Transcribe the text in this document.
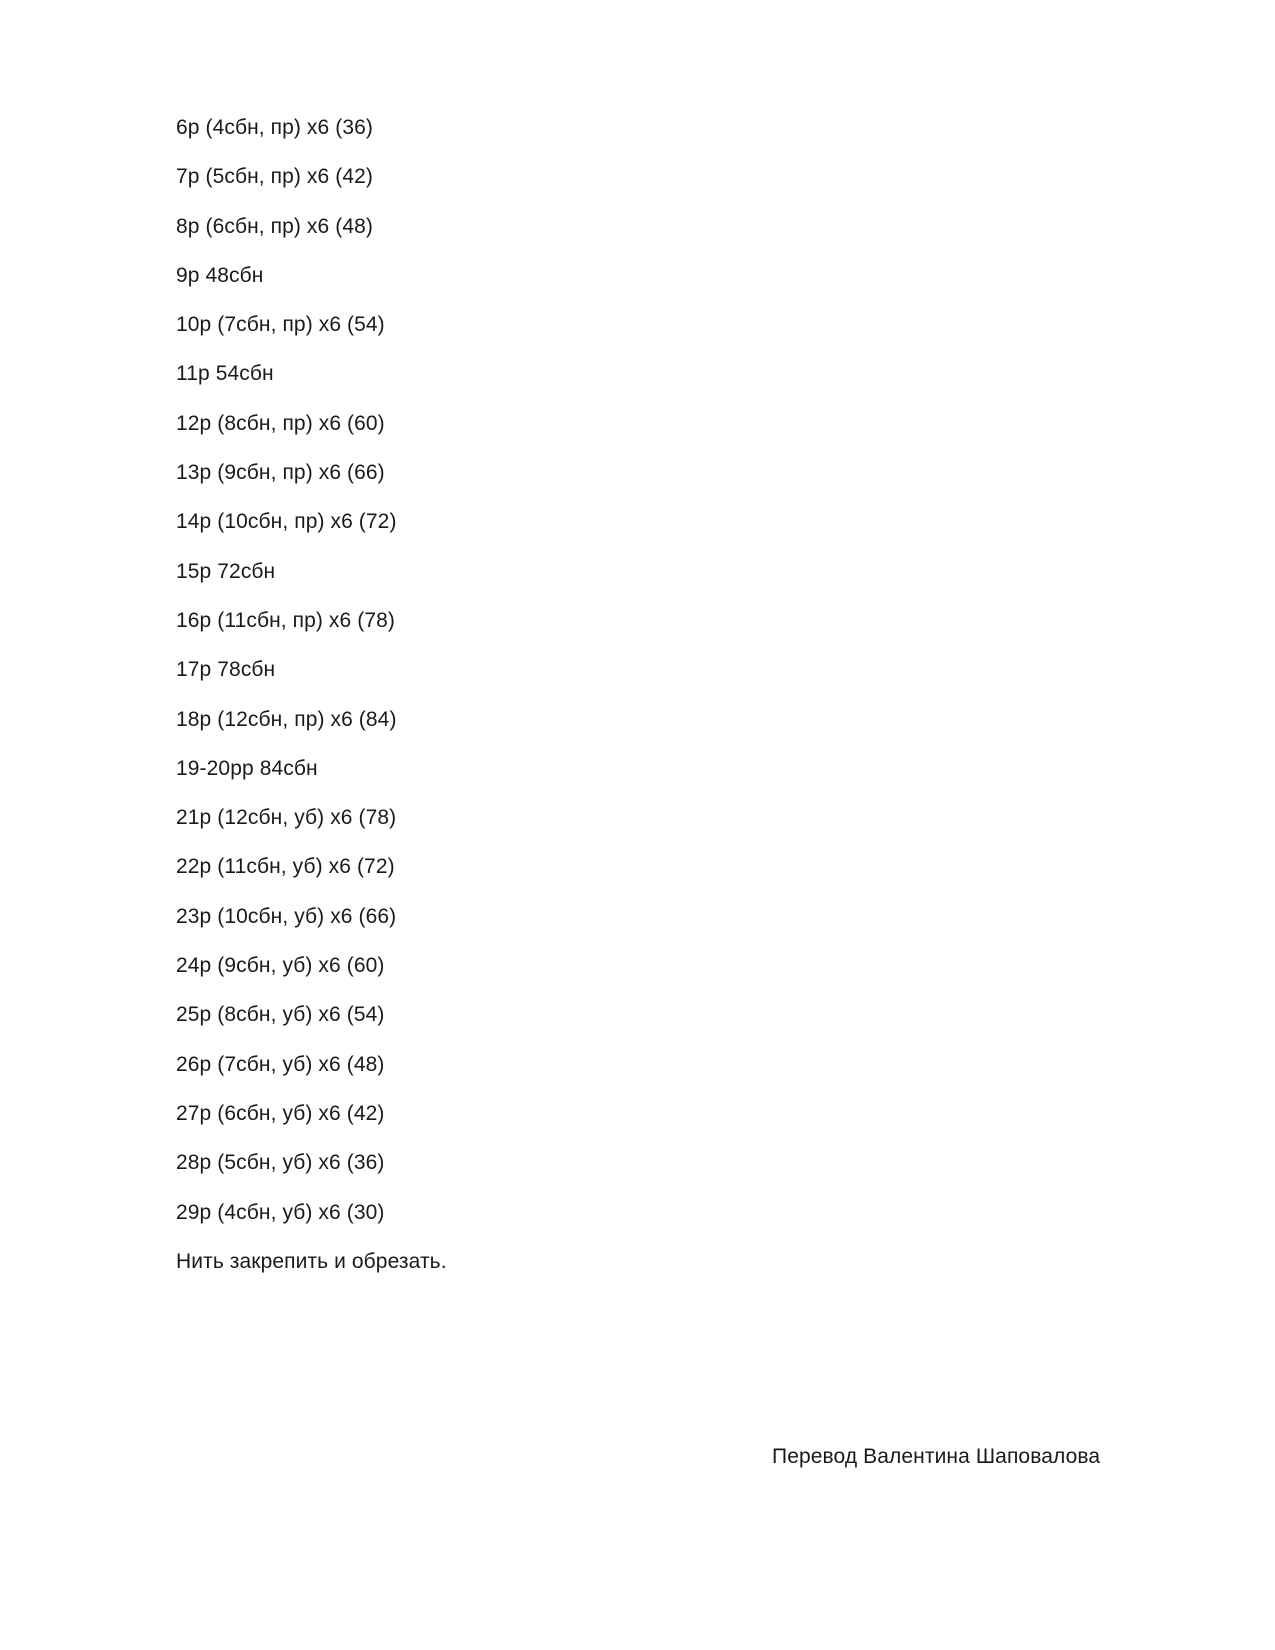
6р (4сбн, пр) х6 (36)
7р (5сбн, пр) х6 (42)
8р (6сбн, пр) х6 (48)
9р 48сбн
10р (7сбн, пр) х6 (54)
11р 54сбн
12р (8сбн, пр) х6 (60)
13р (9сбн, пр) х6 (66)
14р (10сбн, пр) х6 (72)
15р 72сбн
16р (11сбн, пр) х6 (78)
17р 78сбн
18р (12сбн, пр) х6 (84)
19-20рр 84сбн
21р (12сбн, уб) х6 (78)
22р (11сбн, уб) х6 (72)
23р (10сбн, уб) х6 (66)
24р (9сбн, уб) х6 (60)
25р (8сбн, уб) х6 (54)
26р (7сбн, уб) х6 (48)
27р (6сбн, уб) х6 (42)
28р (5сбн, уб) х6 (36)
29р (4сбн, уб) х6 (30)
Нить закрепить и обрезать.
Перевод Валентина Шаповалова
